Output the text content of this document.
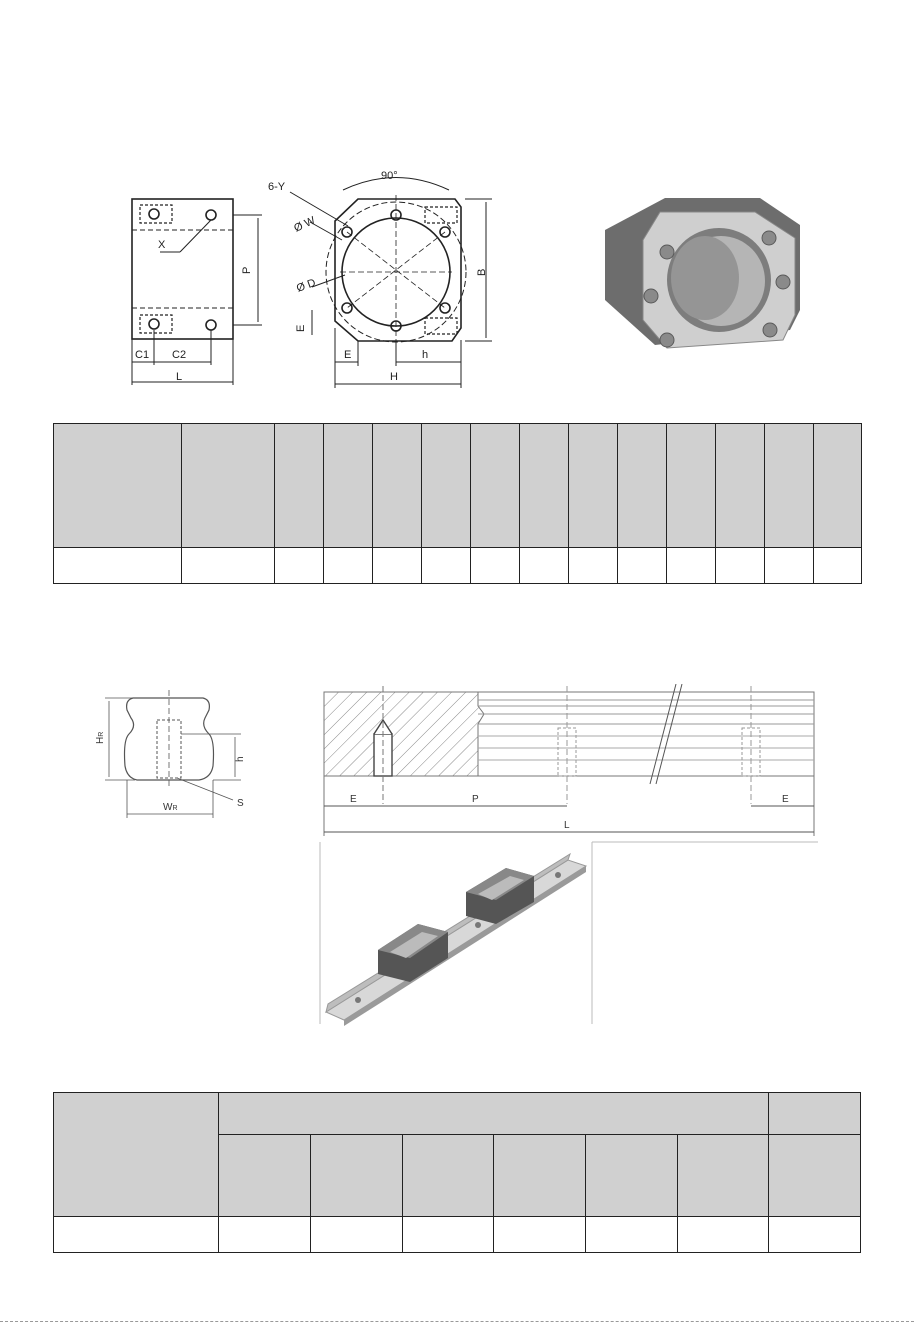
6-Y
90°
Ø W
Ø D
X
P	B
E
E	h
H
C1 C2
L

HR
h
S
WR
E	P	E
L
